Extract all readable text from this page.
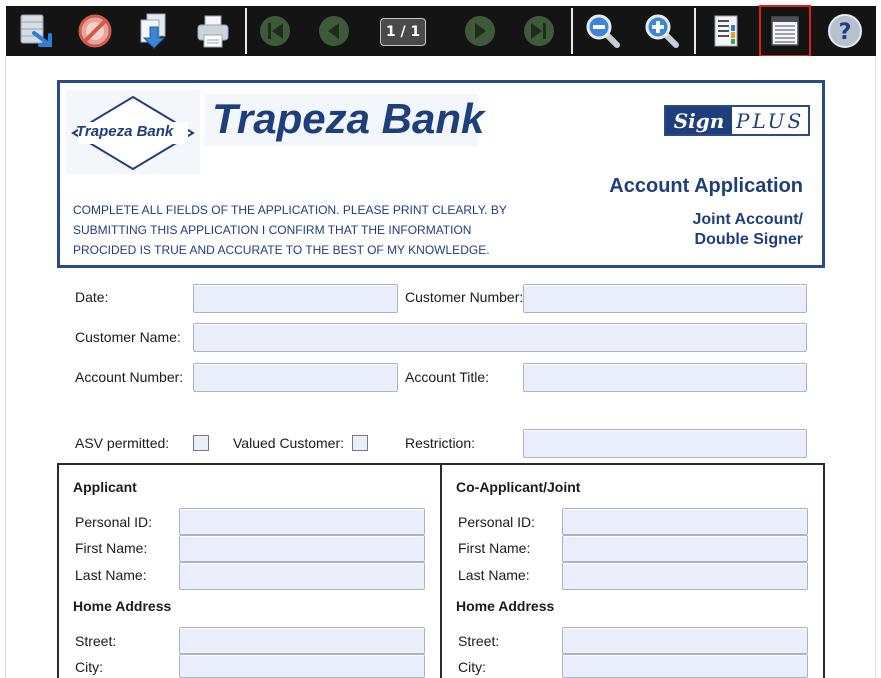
1 / 1	?
Trapeza Bank Trapeza Bank	Sign PLUS
Account Application
Joint Account/
Double Signer
COMPLETE ALL FIELDS OF THE APPLICATION. PLEASE PRINT CLEARLY. BY
SUBMITTING THIS APPLICATION I CONFIRM THAT THE INFORMATION
PROCIDED IS TRUE AND ACCURATE TO THE BEST OF MY KNOWLEDGE.
Date:	Customer Number:
Customer Name:
Account Number:	Account Title:
ASV permitted:	Valued Customer:	Restriction:
Applicant
Personal ID:
First Name:
Last Name:
Home Address
Street:
City:
Co-Applicant/Joint
Personal ID:
First Name:
Last Name:
Home Address
Street:
City:
